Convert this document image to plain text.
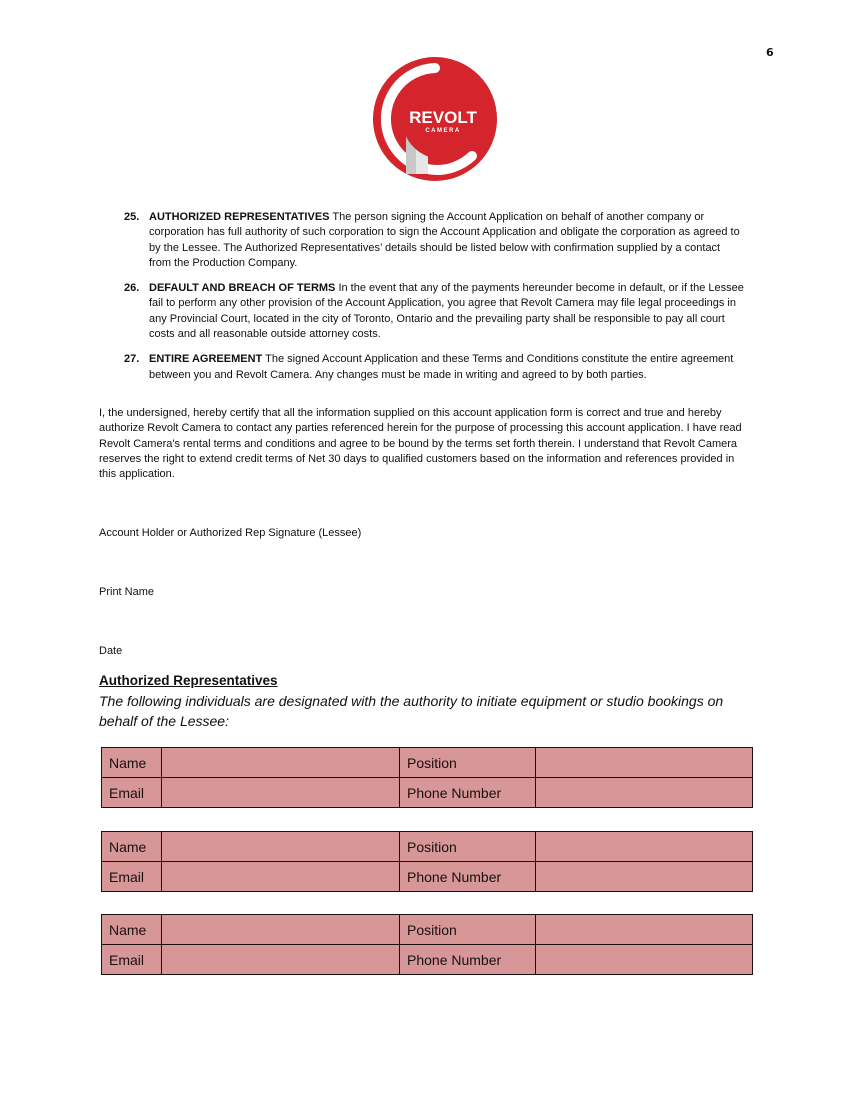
6
REVOLT
CAMERA
25. AUTHORIZED REPRESENTATIVES The person signing the Account Application on behalf of another company or corporation has full authority of such corporation to sign the Account Application and obligate the corporation as agreed to by the Lessee. The Authorized Representatives’ details should be listed below with confirmation supplied by a contact from the Production Company.
26. DEFAULT AND BREACH OF TERMS In the event that any of the payments hereunder become in default, or if the Lessee fail to perform any other provision of the Account Application, you agree that Revolt Camera may file legal proceedings in any Provincial Court, located in the city of Toronto, Ontario and the prevailing party shall be responsible to pay all court costs and all reasonable outside attorney costs.
27. ENTIRE AGREEMENT The signed Account Application and these Terms and Conditions constitute the entire agreement between you and Revolt Camera. Any changes must be made in writing and agreed to by both parties.
I, the undersigned, hereby certify that all the information supplied on this account application form is correct and true and hereby authorize Revolt Camera to contact any parties referenced herein for the purpose of processing this account application. I have read Revolt Camera's rental terms and conditions and agree to be bound by the terms set forth therein. I understand that Revolt Camera reserves the right to extend credit terms of Net 30 days to qualified customers based on the information and references provided in this application.
Account Holder or Authorized Rep Signature (Lessee)
Print Name
Date
Authorized Representatives
The following individuals are designated with the authority to initiate equipment or studio bookings on behalf of the Lessee:
Name		Position	
Email		Phone Number	
Name		Position	
Email		Phone Number	
Name		Position	
Email		Phone Number	
